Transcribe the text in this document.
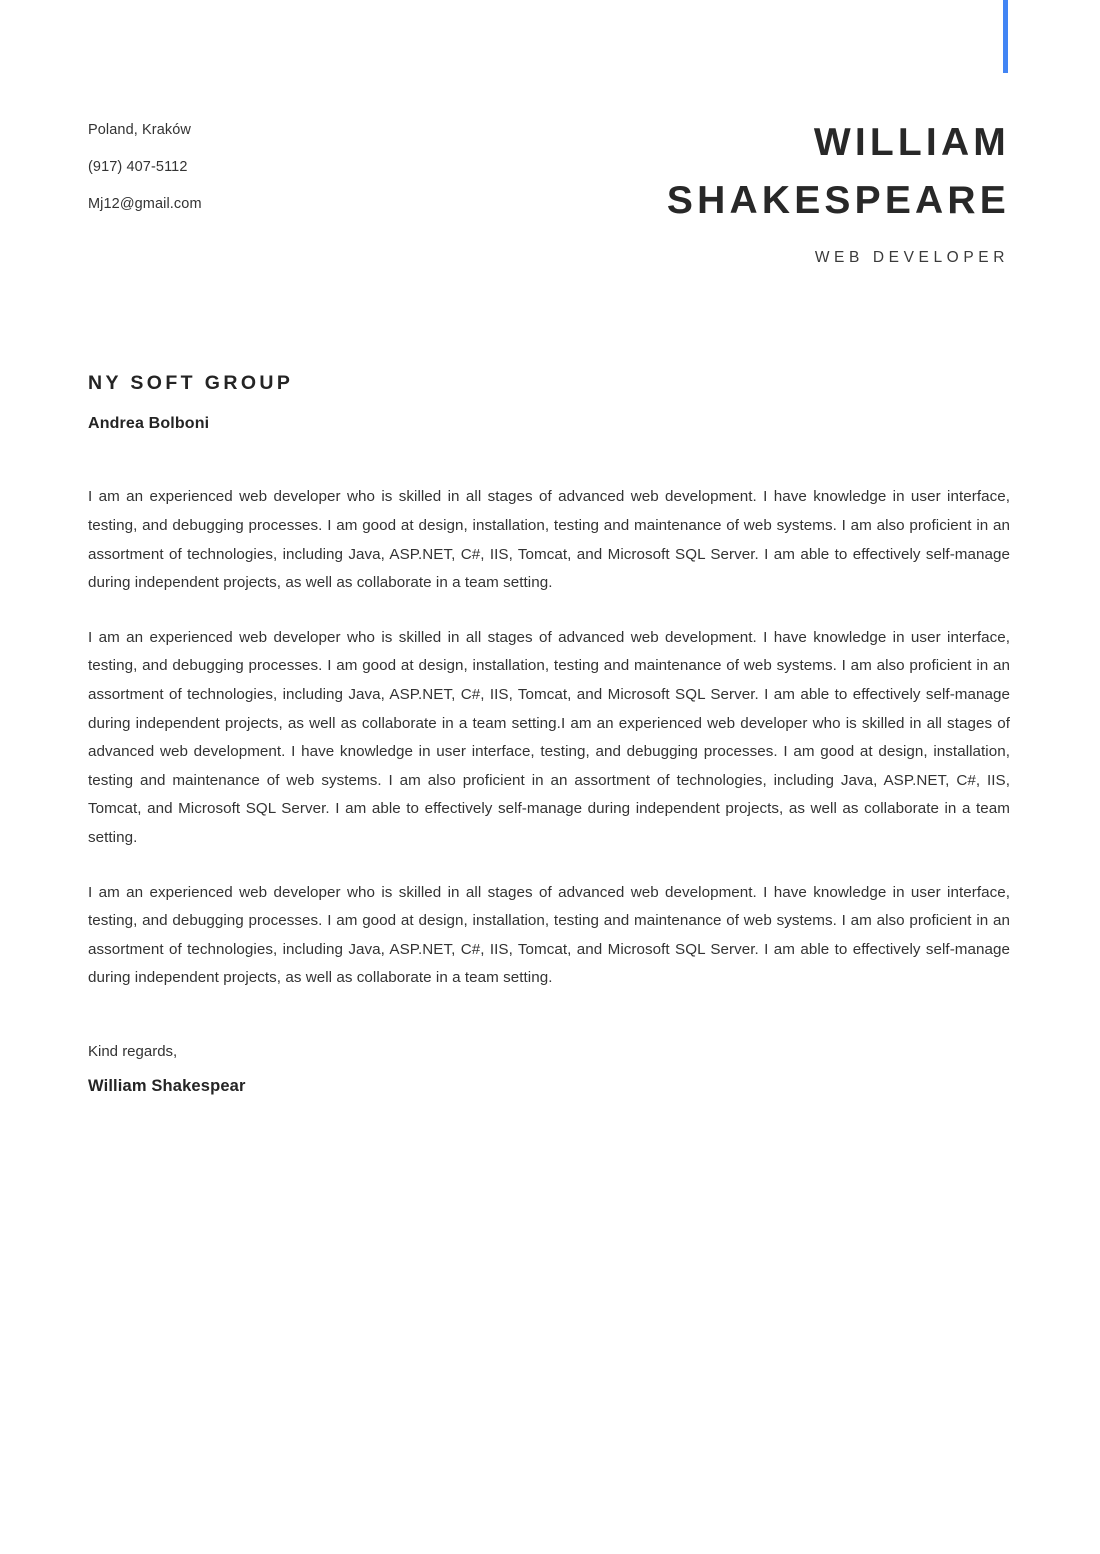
Poland, Kraków
(917) 407-5112
Mj12@gmail.com
WILLIAM
SHAKESPEARE
WEB DEVELOPER
NY SOFT GROUP
Andrea Bolboni

I am an experienced web developer who is skilled in all stages of advanced web development. I have knowledge in user interface, testing, and debugging processes. I am good at design, installation, testing and maintenance of web systems. I am also proficient in an assortment of technologies, including Java, ASP.NET, C#, IIS, Tomcat, and Microsoft SQL Server. I am able to effectively self-manage during independent projects, as well as collaborate in a team setting.

I am an experienced web developer who is skilled in all stages of advanced web development. I have knowledge in user interface, testing, and debugging processes. I am good at design, installation, testing and maintenance of web systems. I am also proficient in an assortment of technologies, including Java, ASP.NET, C#, IIS, Tomcat, and Microsoft SQL Server. I am able to effectively self-manage during independent projects, as well as collaborate in a team setting.I am an experienced web developer who is skilled in all stages of advanced web development. I have knowledge in user interface, testing, and debugging processes. I am good at design, installation, testing and maintenance of web systems. I am also proficient in an assortment of technologies, including Java, ASP.NET, C#, IIS, Tomcat, and Microsoft SQL Server. I am able to effectively self-manage during independent projects, as well as collaborate in a team setting.

I am an experienced web developer who is skilled in all stages of advanced web development. I have knowledge in user interface, testing, and debugging processes. I am good at design, installation, testing and maintenance of web systems. I am also proficient in an assortment of technologies, including Java, ASP.NET, C#, IIS, Tomcat, and Microsoft SQL Server. I am able to effectively self-manage during independent projects, as well as collaborate in a team setting.

Kind regards,
William Shakespear
